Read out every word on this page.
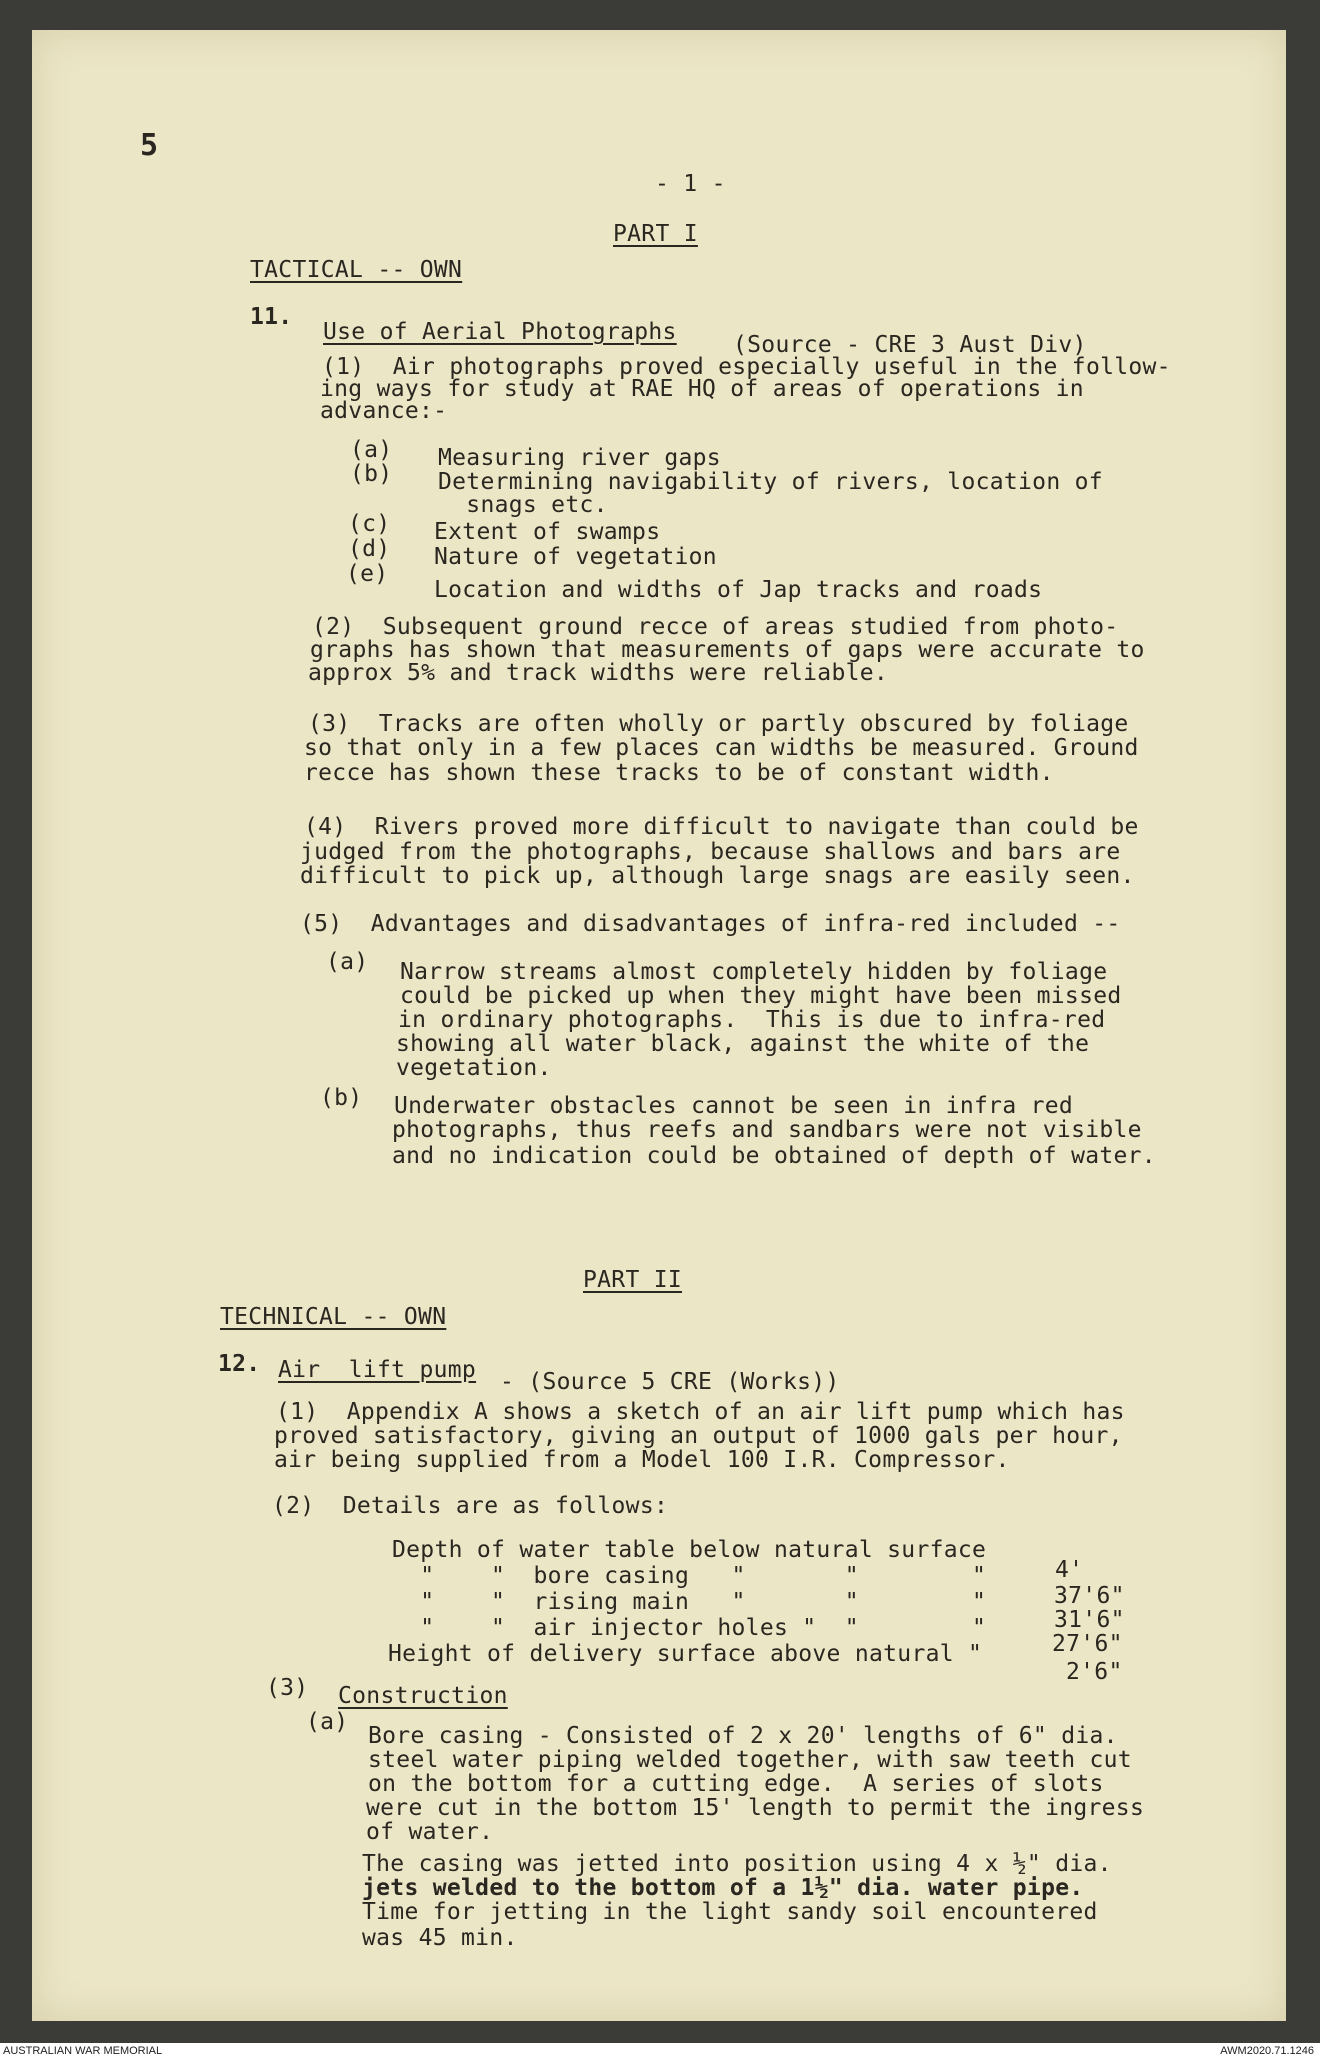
5
- 1 -
PART I
TACTICAL -- OWN
11.
Use of Aerial Photographs (Source - CRE 3 Aust Div)
(1)  Air photographs proved especially useful in the follow-
ing ways for study at RAE HQ of areas of operations in
advance:-
(a) Measuring river gaps
(b) Determining navigability of rivers, location of
snags etc.
(c) Extent of swamps
(d) Nature of vegetation
(e)
Location and widths of Jap tracks and roads
(2)  Subsequent ground recce of areas studied from photo-
graphs has shown that measurements of gaps were accurate to
approx 5% and track widths were reliable.
(3)  Tracks are often wholly or partly obscured by foliage
so that only in a few places can widths be measured. Ground
recce has shown these tracks to be of constant width.
(4)  Rivers proved more difficult to navigate than could be
judged from the photographs, because shallows and bars are
difficult to pick up, although large snags are easily seen.
(5)  Advantages and disadvantages of infra-red included --
(a) Narrow streams almost completely hidden by foliage
could be picked up when they might have been missed
in ordinary photographs.  This is due to infra-red
showing all water black, against the white of the
vegetation.
(b) Underwater obstacles cannot be seen in infra red
photographs, thus reefs and sandbars were not visible
and no indication could be obtained of depth of water.
PART II
TECHNICAL -- OWN
12. Air  lift pump - (Source 5 CRE (Works))
(1)  Appendix A shows a sketch of an air lift pump which has
proved satisfactory, giving an output of 1000 gals per hour,
air being supplied from a Model 100 I.R. Compressor.
(2)  Details are as follows:
Depth of water table below natural surface
4'
"    "  bore casing   "       "        "
37'6"
"    "  rising main   "       "        "
31'6"
"    "  air injector holes "  "        "
27'6"
Height of delivery surface above natural "
2'6"
(3) Construction
(a)
Bore casing - Consisted of 2 x 20' lengths of 6" dia.
steel water piping welded together, with saw teeth cut
on the bottom for a cutting edge.  A series of slots
were cut in the bottom 15' length to permit the ingress
of water.
The casing was jetted into position using 4 x ½" dia.
jets welded to the bottom of a 1½" dia. water pipe.
Time for jetting in the light sandy soil encountered
was 45 min.
AUSTRALIAN WAR MEMORIAL	AWM2020.71.1246
